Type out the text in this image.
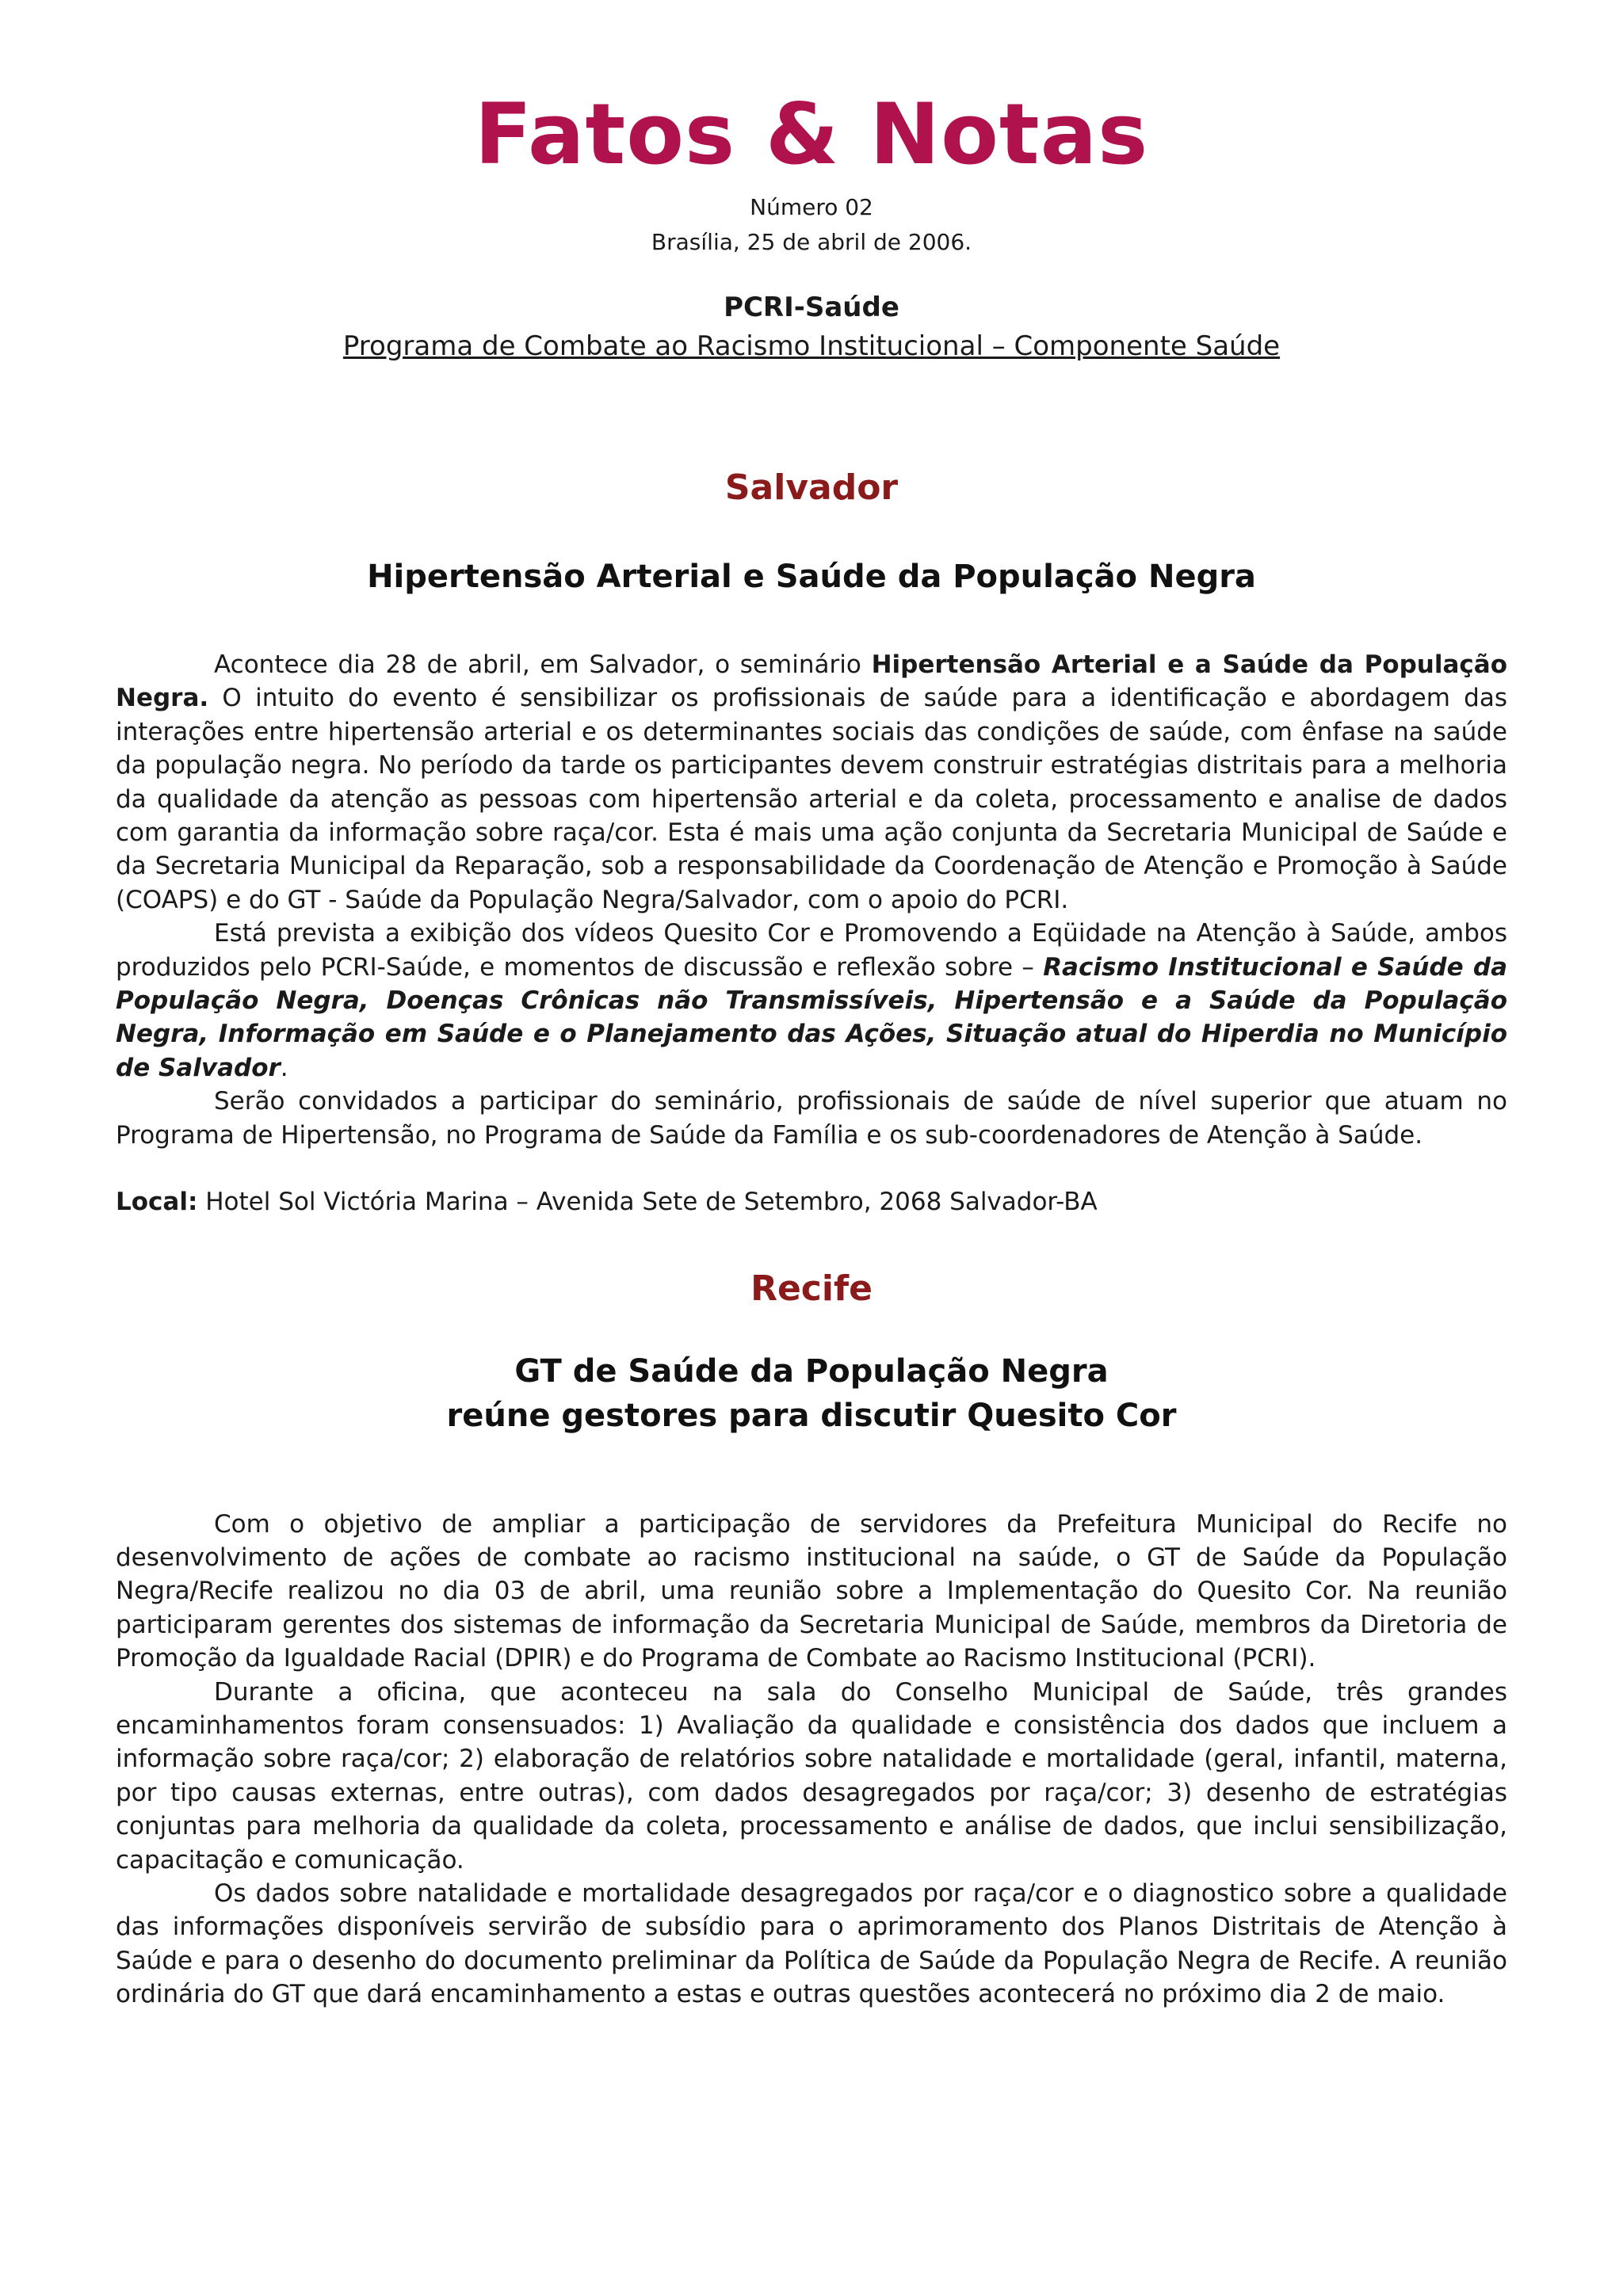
Fatos & Notas

Número 02

Brasília, 25 de abril de 2006.

PCRI-Saúde

Programa de Combate ao Racismo Institucional – Componente Saúde

Salvador
Hipertensão Arterial e Saúde da População Negra

Acontece dia 28 de abril, em Salvador, o seminário Hipertensão Arterial e a Saúde da População Negra. O intuito do evento é sensibilizar os profissionais de saúde para a identificação e abordagem das interações entre hipertensão arterial e os determinantes sociais das condições de saúde, com ênfase na saúde da população negra. No período da tarde os participantes devem construir estratégias distritais para a melhoria da qualidade da atenção as pessoas com hipertensão arterial e da coleta, processamento e analise de dados com garantia da informação sobre raça/cor. Esta é mais uma ação conjunta da Secretaria Municipal de Saúde e da Secretaria Municipal da Reparação, sob a responsabilidade da Coordenação de Atenção e Promoção à Saúde (COAPS) e do GT - Saúde da População Negra/Salvador, com o apoio do PCRI.

Está prevista a exibição dos vídeos Quesito Cor e Promovendo a Eqüidade na Atenção à Saúde, ambos produzidos pelo PCRI-Saúde, e momentos de discussão e reflexão sobre – Racismo Institucional e Saúde da População Negra, Doenças Crônicas não Transmissíveis, Hipertensão e a Saúde da População Negra, Informação em Saúde e o Planejamento das Ações, Situação atual do Hiperdia no Município de Salvador.

Serão convidados a participar do seminário, profissionais de saúde de nível superior que atuam no Programa de Hipertensão, no Programa de Saúde da Família e os sub-coordenadores de Atenção à Saúde.

Local: Hotel Sol Victória Marina – Avenida Sete de Setembro, 2068 Salvador-BA

Recife
GT de Saúde da População Negra
reúne gestores para discutir Quesito Cor

Com o objetivo de ampliar a participação de servidores da Prefeitura Municipal do Recife no desenvolvimento de ações de combate ao racismo institucional na saúde, o GT de Saúde da População Negra/Recife realizou no dia 03 de abril, uma reunião sobre a Implementação do Quesito Cor. Na reunião participaram gerentes dos sistemas de informação da Secretaria Municipal de Saúde, membros da Diretoria de Promoção da Igualdade Racial (DPIR) e do Programa de Combate ao Racismo Institucional (PCRI).

Durante a oficina, que aconteceu na sala do Conselho Municipal de Saúde, três grandes encaminhamentos foram consensuados: 1) Avaliação da qualidade e consistência dos dados que incluem a informação sobre raça/cor; 2) elaboração de relatórios sobre natalidade e mortalidade (geral, infantil, materna, por tipo causas externas, entre outras), com dados desagregados por raça/cor; 3) desenho de estratégias conjuntas para melhoria da qualidade da coleta, processamento e análise de dados, que inclui sensibilização, capacitação e comunicação.

Os dados sobre natalidade e mortalidade desagregados por raça/cor e o diagnostico sobre a qualidade das informações disponíveis servirão de subsídio para o aprimoramento dos Planos Distritais de Atenção à Saúde e para o desenho do documento preliminar da Política de Saúde da População Negra de Recife. A reunião ordinária do GT que dará encaminhamento a estas e outras questões acontecerá no próximo dia 2 de maio.
